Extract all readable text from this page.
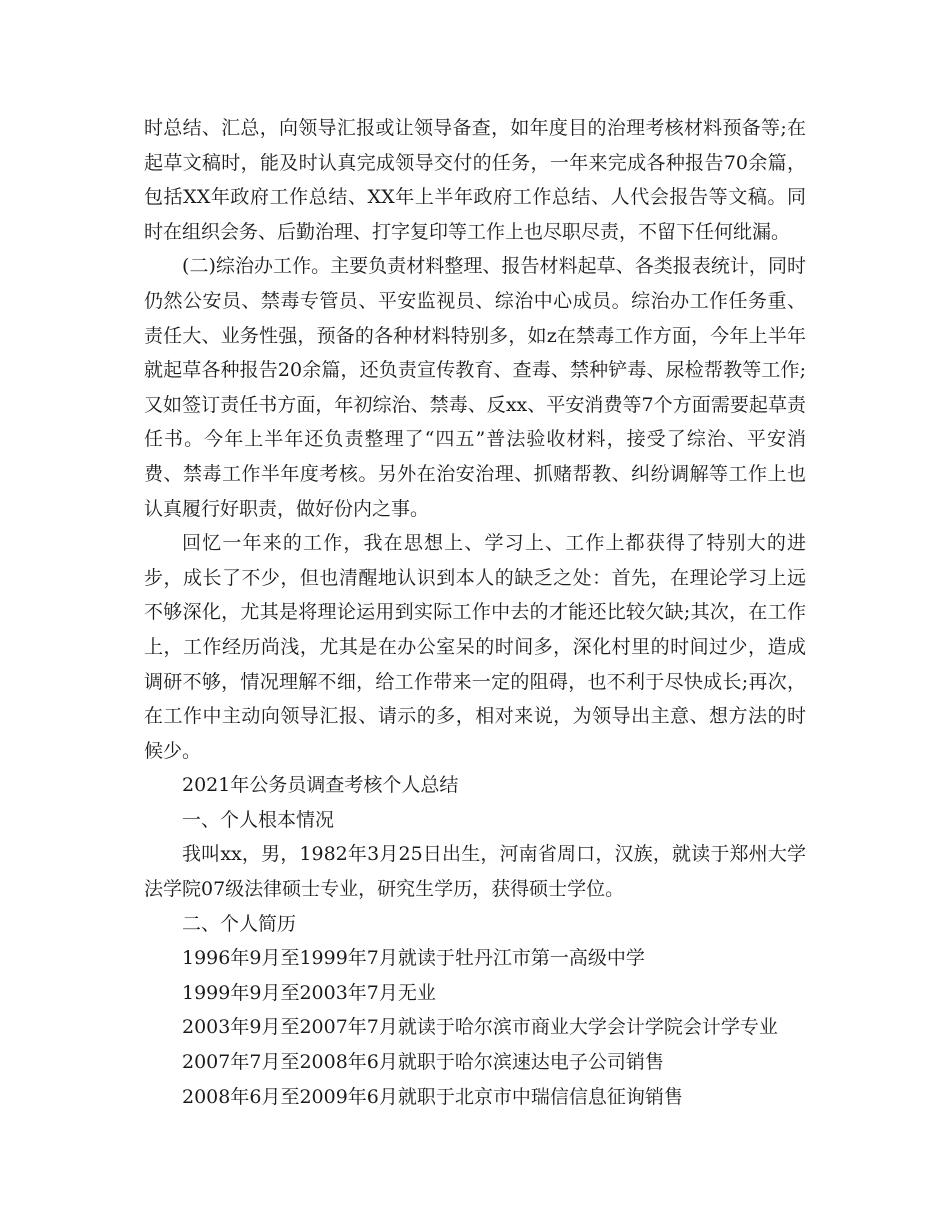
时总结、汇总，向领导汇报或让领导备查，如年度目的治理考核材料预备等;在起草文稿时，能及时认真完成领导交付的任务，一年来完成各种报告70余篇，包括XX年政府工作总结、XX年上半年政府工作总结、人代会报告等文稿。同时在组织会务、后勤治理、打字复印等工作上也尽职尽责，不留下任何纰漏。

(二)综治办工作。主要负责材料整理、报告材料起草、各类报表统计，同时仍然公安员、禁毒专管员、平安监视员、综治中心成员。综治办工作任务重、责任大、业务性强，预备的各种材料特别多，如z在禁毒工作方面，今年上半年就起草各种报告20余篇，还负责宣传教育、查毒、禁种铲毒、尿检帮教等工作;又如签订责任书方面，年初综治、禁毒、反xx、平安消费等7个方面需要起草责任书。今年上半年还负责整理了“四五”普法验收材料，接受了综治、平安消费、禁毒工作半年度考核。另外在治安治理、抓赌帮教、纠纷调解等工作上也认真履行好职责，做好份内之事。

回忆一年来的工作，我在思想上、学习上、工作上都获得了特别大的进步，成长了不少，但也清醒地认识到本人的缺乏之处：首先，在理论学习上远不够深化，尤其是将理论运用到实际工作中去的才能还比较欠缺;其次，在工作上，工作经历尚浅，尤其是在办公室呆的时间多，深化村里的时间过少，造成调研不够，情况理解不细，给工作带来一定的阻碍，也不利于尽快成长;再次，在工作中主动向领导汇报、请示的多，相对来说，为领导出主意、想方法的时候少。

2021年公务员调查考核个人总结

一、个人根本情况

我叫xx，男，1982年3月25日出生，河南省周口，汉族，就读于郑州大学法学院07级法律硕士专业，研究生学历，获得硕士学位。

二、个人简历

1996年9月至1999年7月就读于牡丹江市第一高级中学

1999年9月至2003年7月无业

2003年9月至2007年7月就读于哈尔滨市商业大学会计学院会计学专业

2007年7月至2008年6月就职于哈尔滨速达电子公司销售

2008年6月至2009年6月就职于北京市中瑞信信息征询销售
